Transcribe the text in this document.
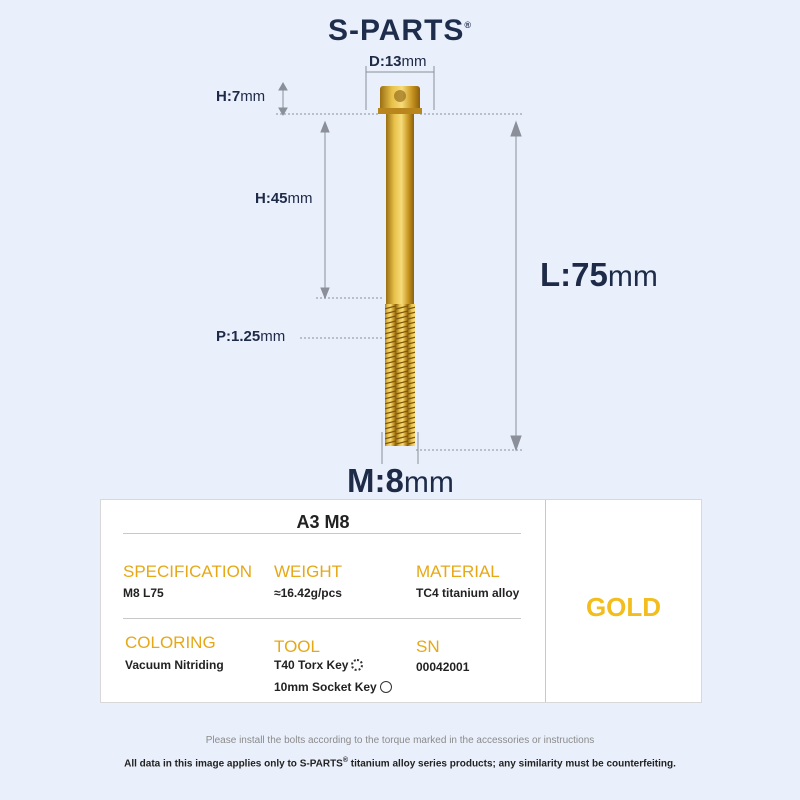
S-PARTS®
D:13mm
H:7mm
H:45mm
P:1.25mm
L:75mm
M:8mm
A3 M8
SPECIFICATION
M8 L75
WEIGHT
≈16.42g/pcs
MATERIAL
TC4 titanium alloy
COLORING
Vacuum Nitriding
TOOL
T40 Torx Key
10mm Socket Key
SN
00042001
GOLD
Please install the bolts according to the torque marked in the accessories or instructions
All data in this image applies only to S-PARTS® titanium alloy series products; any similarity must be counterfeiting.
